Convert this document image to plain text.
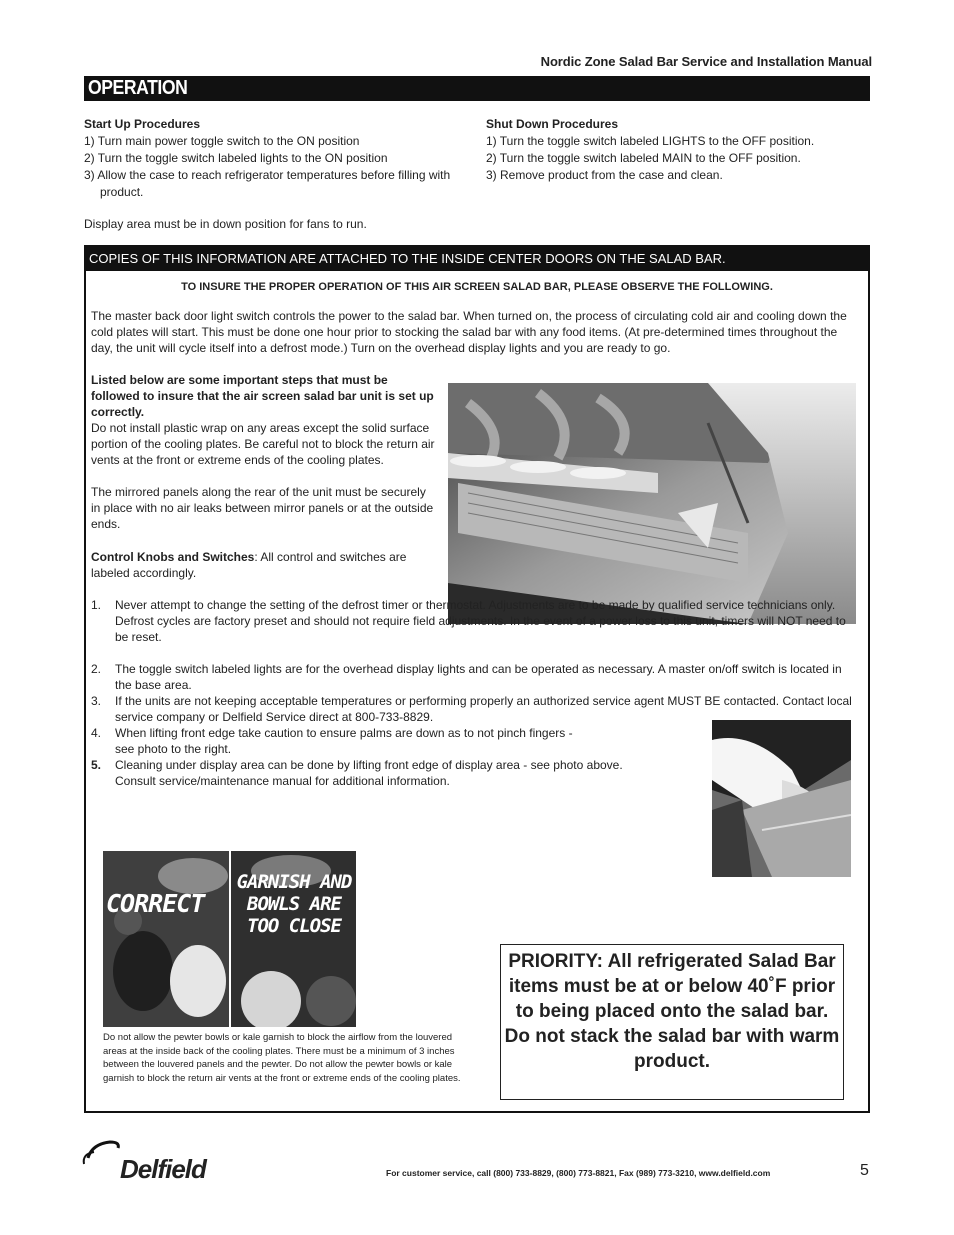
Nordic Zone Salad Bar Service and Installation Manual
OPERATION
Start Up Procedures
1) Turn main power toggle switch to the ON position
2) Turn the toggle switch labeled lights to the ON position
3) Allow the case to reach refrigerator temperatures before filling with product.
Display area must be in down position for fans to run.
Shut Down Procedures
1) Turn the toggle switch labeled LIGHTS to the OFF position.
2) Turn the toggle switch labeled MAIN to the OFF position.
3) Remove product from the case and clean.
COPIES OF THIS INFORMATION ARE ATTACHED TO THE INSIDE CENTER DOORS ON THE SALAD BAR.
TO INSURE THE PROPER OPERATION OF THIS AIR SCREEN SALAD BAR, PLEASE OBSERVE THE FOLLOWING.
The master back door light switch controls the power to the salad bar. When turned on, the process of circulating cold air and cooling down the cold plates will start. This must be done one hour prior to stocking the salad bar with any food items. (At pre-determined times throughout the day, the unit will cycle itself into a defrost mode.) Turn on the overhead display lights and you are ready to go.
Listed below are some important steps that must be followed to insure that the air screen salad bar unit is set up correctly.
Do not install plastic wrap on any areas except the solid surface portion of the cooling plates. Be careful not to block the return air vents at the front or extreme ends of the cooling plates.
The mirrored panels along the rear of the unit must be securely in place with no air leaks between mirror panels or at the outside ends.
Control Knobs and Switches: All control and switches are labeled accordingly.
1.	Never attempt to change the setting of the defrost timer or thermostat. Adjustments are to be made by qualified service technicians only. Defrost cycles are factory preset and should not require field adjustments. In the event of a power loss to this unit, timers will NOT need to be reset.
2.	The toggle switch labeled lights are for the overhead display lights and can be operated as necessary. A master on/off switch is located in the base area.
3.	If the units are not keeping acceptable temperatures or performing properly an authorized service agent MUST BE contacted. Contact local service company or Delfield Service direct at 800-733-8829.
4.	When lifting front edge take caution to ensure palms are down as to not pinch fingers - see photo to the right.
5.	Cleaning under display area can be done by lifting front edge of display area - see photo above. Consult service/maintenance manual for additional information.
CORRECT
GARNISH AND BOWLS ARE TOO CLOSE
Do not allow the pewter bowls or kale garnish to block the airflow from the louvered areas at the inside back of the cooling plates. There must be a minimum of 3 inches between the louvered panels and the pewter. Do not allow the pewter bowls or kale garnish to block the return air vents at the front or extreme ends of the cooling plates.
PRIORITY: All refrigerated Salad Bar items must be at or below 40˚F prior to being placed onto the salad bar. Do not stack the salad bar with warm product.
Delfield	For customer service, call (800) 733-8829, (800) 773-8821, Fax (989) 773-3210, www.delfield.com	5
